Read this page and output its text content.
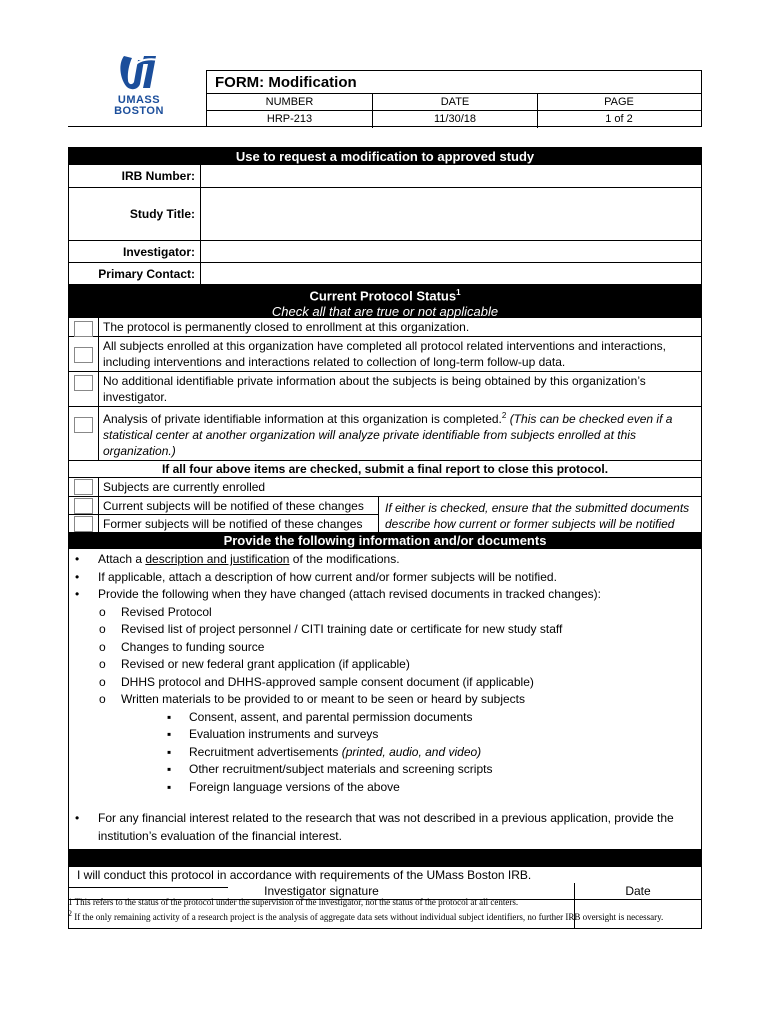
UMASS
BOSTON
FORM: Modification
NUMBER	DATE	PAGE
HRP-213	11/30/18	1 of 2
Use to request a modification to approved study
IRB Number:
Study Title:
Investigator:
Primary Contact:
Current Protocol Status$^1$
Check all that are true or not applicable
The protocol is permanently closed to enrollment at this organization.
All subjects enrolled at this organization have completed all protocol related interventions and interactions, including interventions and interactions related to collection of long-term follow-up data.
No additional identifiable private information about the subjects is being obtained by this organization’s investigator.
Analysis of private identifiable information at this organization is completed.$^2$ (This can be checked even if a
statistical center at another organization will analyze private identifiable from subjects enrolled at this organization.)
If all four above items are checked, submit a final report to close this protocol.
Subjects are currently enrolled
Current subjects will be notified of these changes
Former subjects will be notified of these changes
If either is checked, ensure that the submitted documents describe how current or former subjects will be notified
Provide the following information and/or documents
• Attach a description and justification of the modifications.
• If applicable, attach a description of how current and/or former subjects will be notified.
• Provide the following when they have changed (attach revised documents in tracked changes):
o Revised Protocol
o Revised list of project personnel / CITI training date or certificate for new study staff
o Changes to funding source
o Revised or new federal grant application (if applicable)
o DHHS protocol and DHHS-approved sample consent document (if applicable)
o Written materials to be provided to or meant to be seen or heard by subjects
▪ Consent, assent, and parental permission documents
▪ Evaluation instruments and surveys
▪ Recruitment advertisements (printed, audio, and video)
▪ Other recruitment/subject materials and screening scripts
▪ Foreign language versions of the above
• For any financial interest related to the research that was not described in a previous application, provide the institution’s evaluation of the financial interest.
I will conduct this protocol in accordance with requirements of the UMass Boston IRB.
Investigator signature	Date
1 This refers to the status of the protocol under the supervision of the investigator, not the status of the protocol at all centers.
$^2$ If the only remaining activity of a research project is the analysis of aggregate data sets without individual subject identifiers, no further IRB oversight is necessary.
